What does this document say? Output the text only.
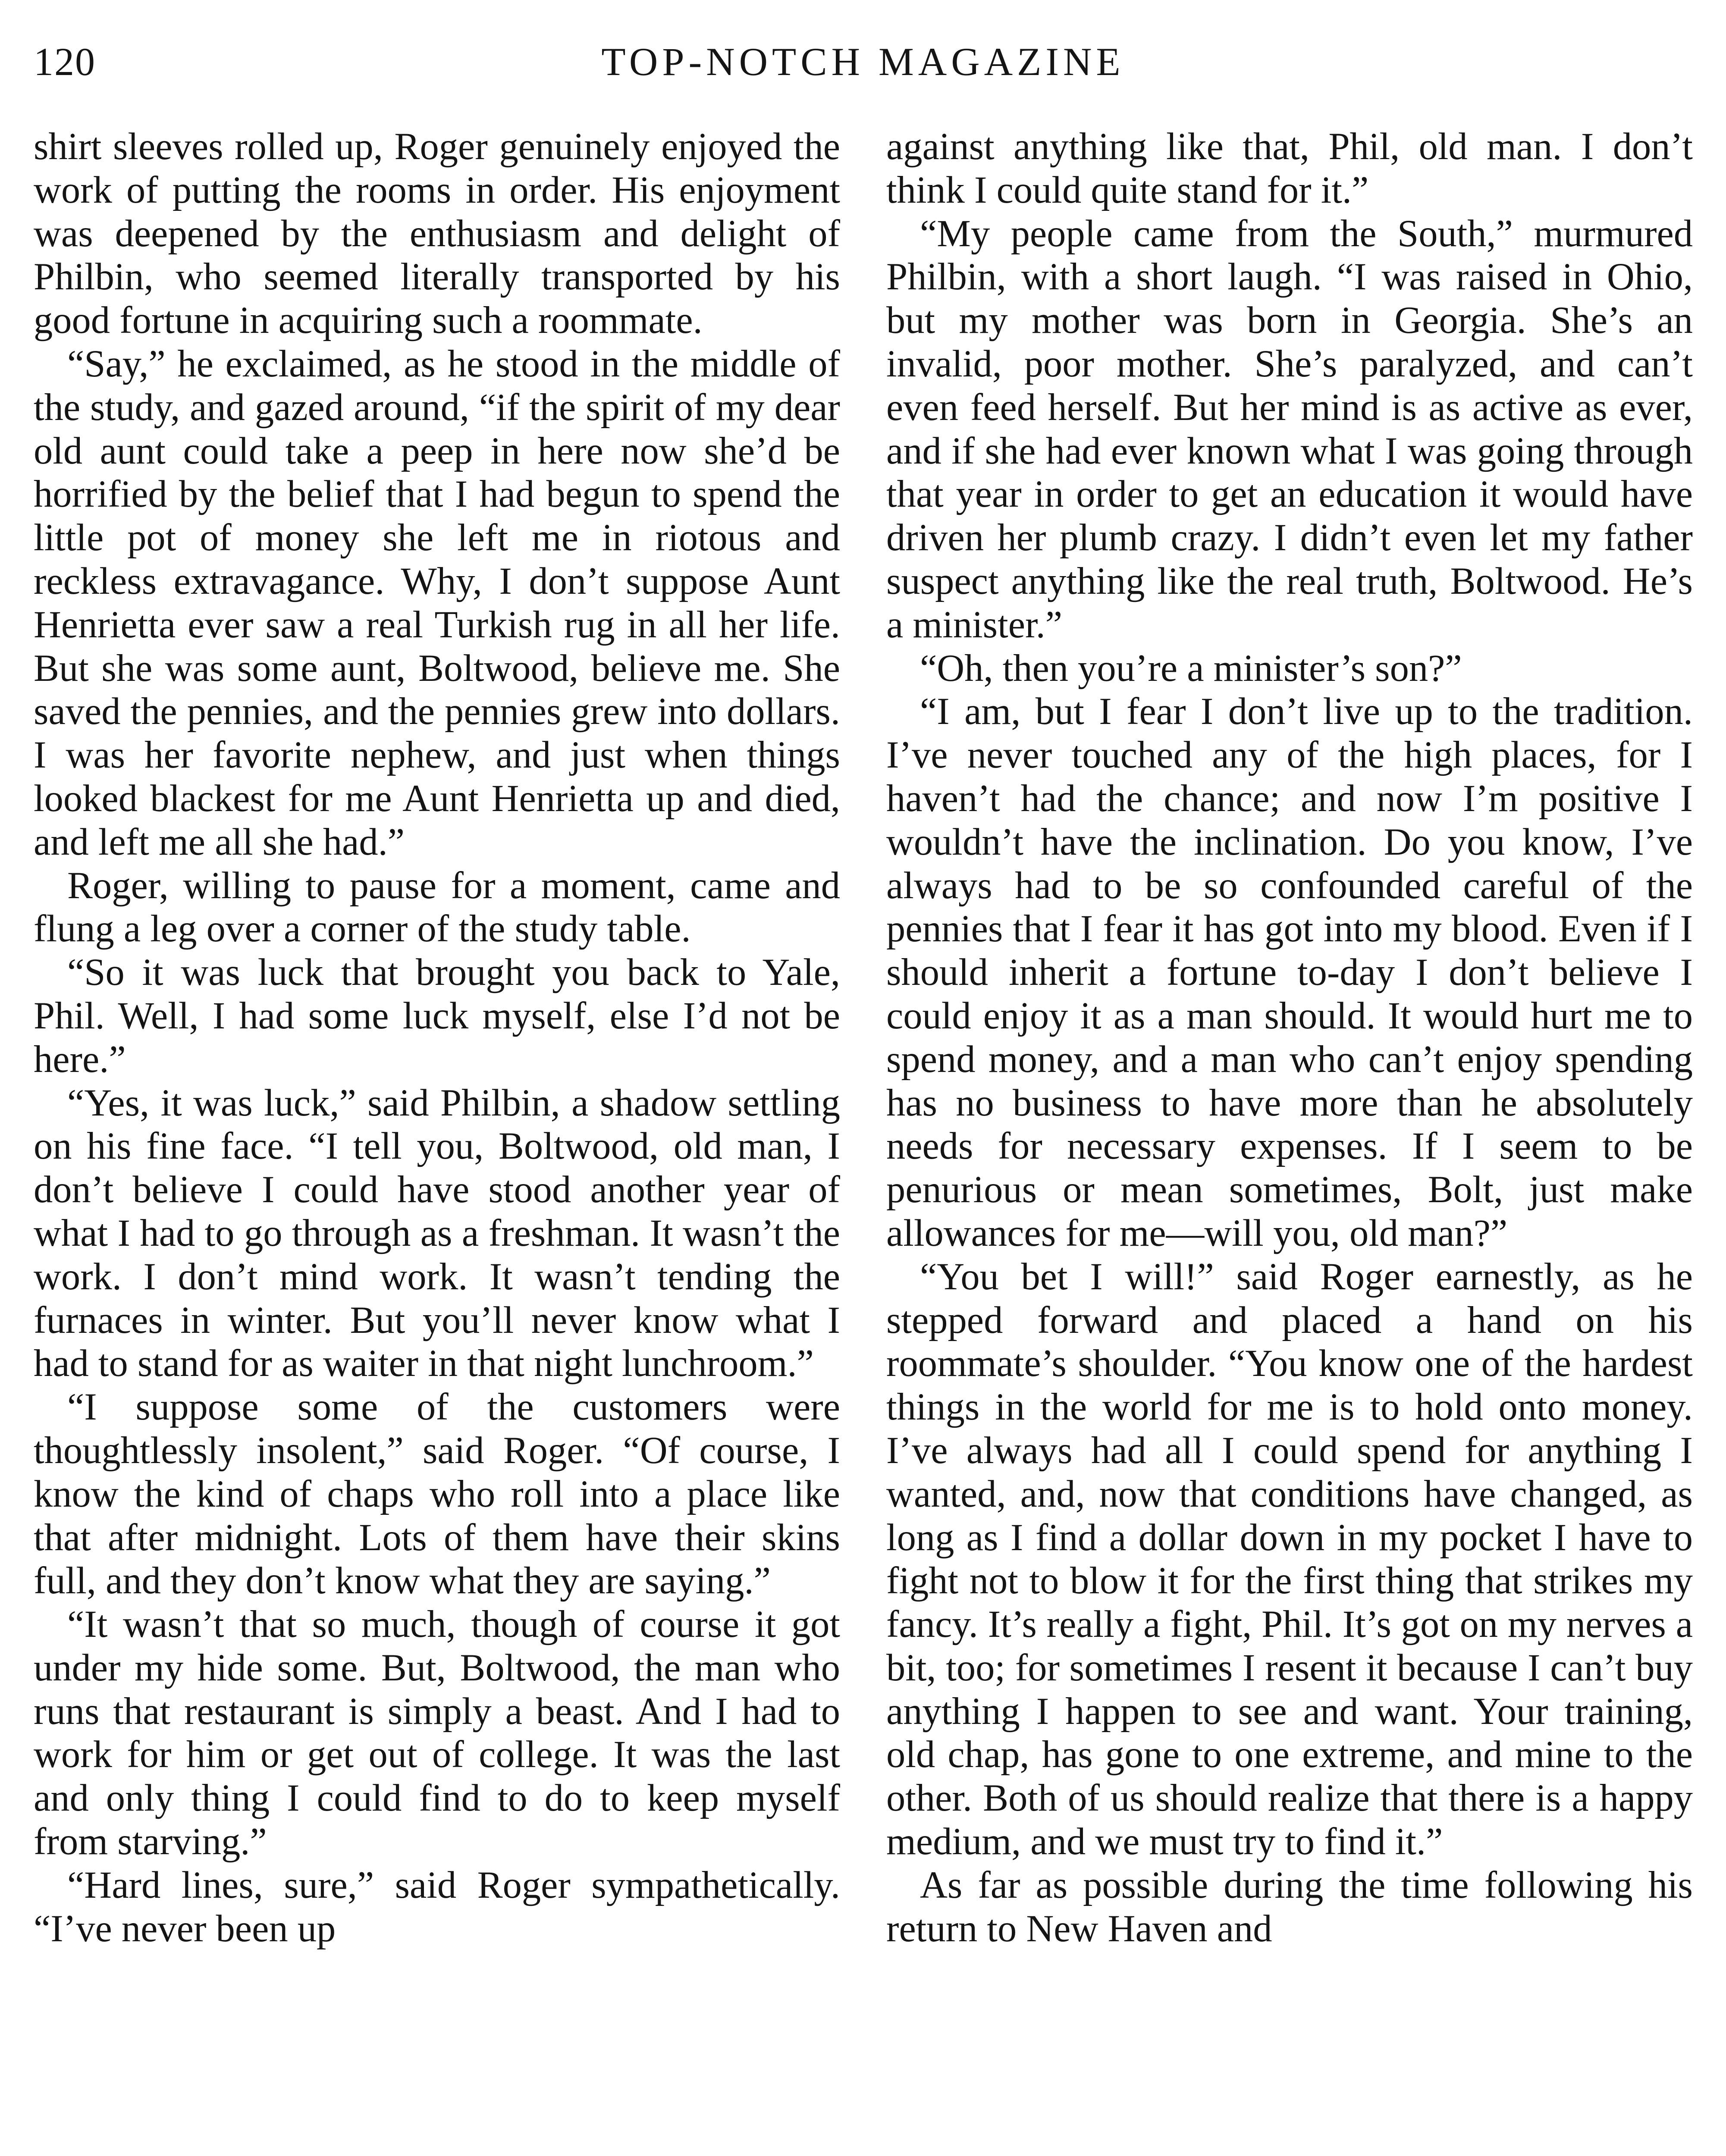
120	TOP-NOTCH MAGAZINE

shirt sleeves rolled up, Roger genuinely enjoyed the work of putting the rooms in order. His enjoyment was deepened by the enthusiasm and delight of Philbin, who seemed literally transported by his good fortune in acquiring such a roommate.

“Say,” he exclaimed, as he stood in the middle of the study, and gazed around, “if the spirit of my dear old aunt could take a peep in here now she’d be horrified by the belief that I had begun to spend the little pot of money she left me in riotous and reckless extravagance. Why, I don’t suppose Aunt Henrietta ever saw a real Turkish rug in all her life. But she was some aunt, Boltwood, believe me. She saved the pennies, and the pennies grew into dollars. I was her favorite nephew, and just when things looked blackest for me Aunt Henrietta up and died, and left me all she had.”

Roger, willing to pause for a moment, came and flung a leg over a corner of the study table.

“So it was luck that brought you back to Yale, Phil. Well, I had some luck myself, else I’d not be here.”

“Yes, it was luck,” said Philbin, a shadow settling on his fine face. “I tell you, Boltwood, old man, I don’t believe I could have stood another year of what I had to go through as a freshman. It wasn’t the work. I don’t mind work. It wasn’t tending the furnaces in winter. But you’ll never know what I had to stand for as waiter in that night lunchroom.”

“I suppose some of the customers were thoughtlessly insolent,” said Roger. “Of course, I know the kind of chaps who roll into a place like that after midnight. Lots of them have their skins full, and they don’t know what they are saying.”

“It wasn’t that so much, though of course it got under my hide some. But, Boltwood, the man who runs that restaurant is simply a beast. And I had to work for him or get out of college. It was the last and only thing I could find to do to keep myself from starving.”

“Hard lines, sure,” said Roger sympathetically. “I’ve never been up

against anything like that, Phil, old man. I don’t think I could quite stand for it.”

“My people came from the South,” murmured Philbin, with a short laugh. “I was raised in Ohio, but my mother was born in Georgia. She’s an invalid, poor mother. She’s paralyzed, and can’t even feed herself. But her mind is as active as ever, and if she had ever known what I was going through that year in order to get an education it would have driven her plumb crazy. I didn’t even let my father suspect anything like the real truth, Boltwood. He’s a minister.”

“Oh, then you’re a minister’s son?”

“I am, but I fear I don’t live up to the tradition. I’ve never touched any of the high places, for I haven’t had the chance; and now I’m positive I wouldn’t have the inclination. Do you know, I’ve always had to be so confounded careful of the pennies that I fear it has got into my blood. Even if I should inherit a fortune to-day I don’t believe I could enjoy it as a man should. It would hurt me to spend money, and a man who can’t enjoy spending has no business to have more than he absolutely needs for necessary expenses. If I seem to be penurious or mean sometimes, Bolt, just make allowances for me—will you, old man?”

“You bet I will!” said Roger earnestly, as he stepped forward and placed a hand on his roommate’s shoulder. “You know one of the hardest things in the world for me is to hold onto money. I’ve always had all I could spend for anything I wanted, and, now that conditions have changed, as long as I find a dollar down in my pocket I have to fight not to blow it for the first thing that strikes my fancy. It’s really a fight, Phil. It’s got on my nerves a bit, too; for sometimes I resent it because I can’t buy anything I happen to see and want. Your training, old chap, has gone to one extreme, and mine to the other. Both of us should realize that there is a happy medium, and we must try to find it.”

As far as possible during the time following his return to New Haven and
